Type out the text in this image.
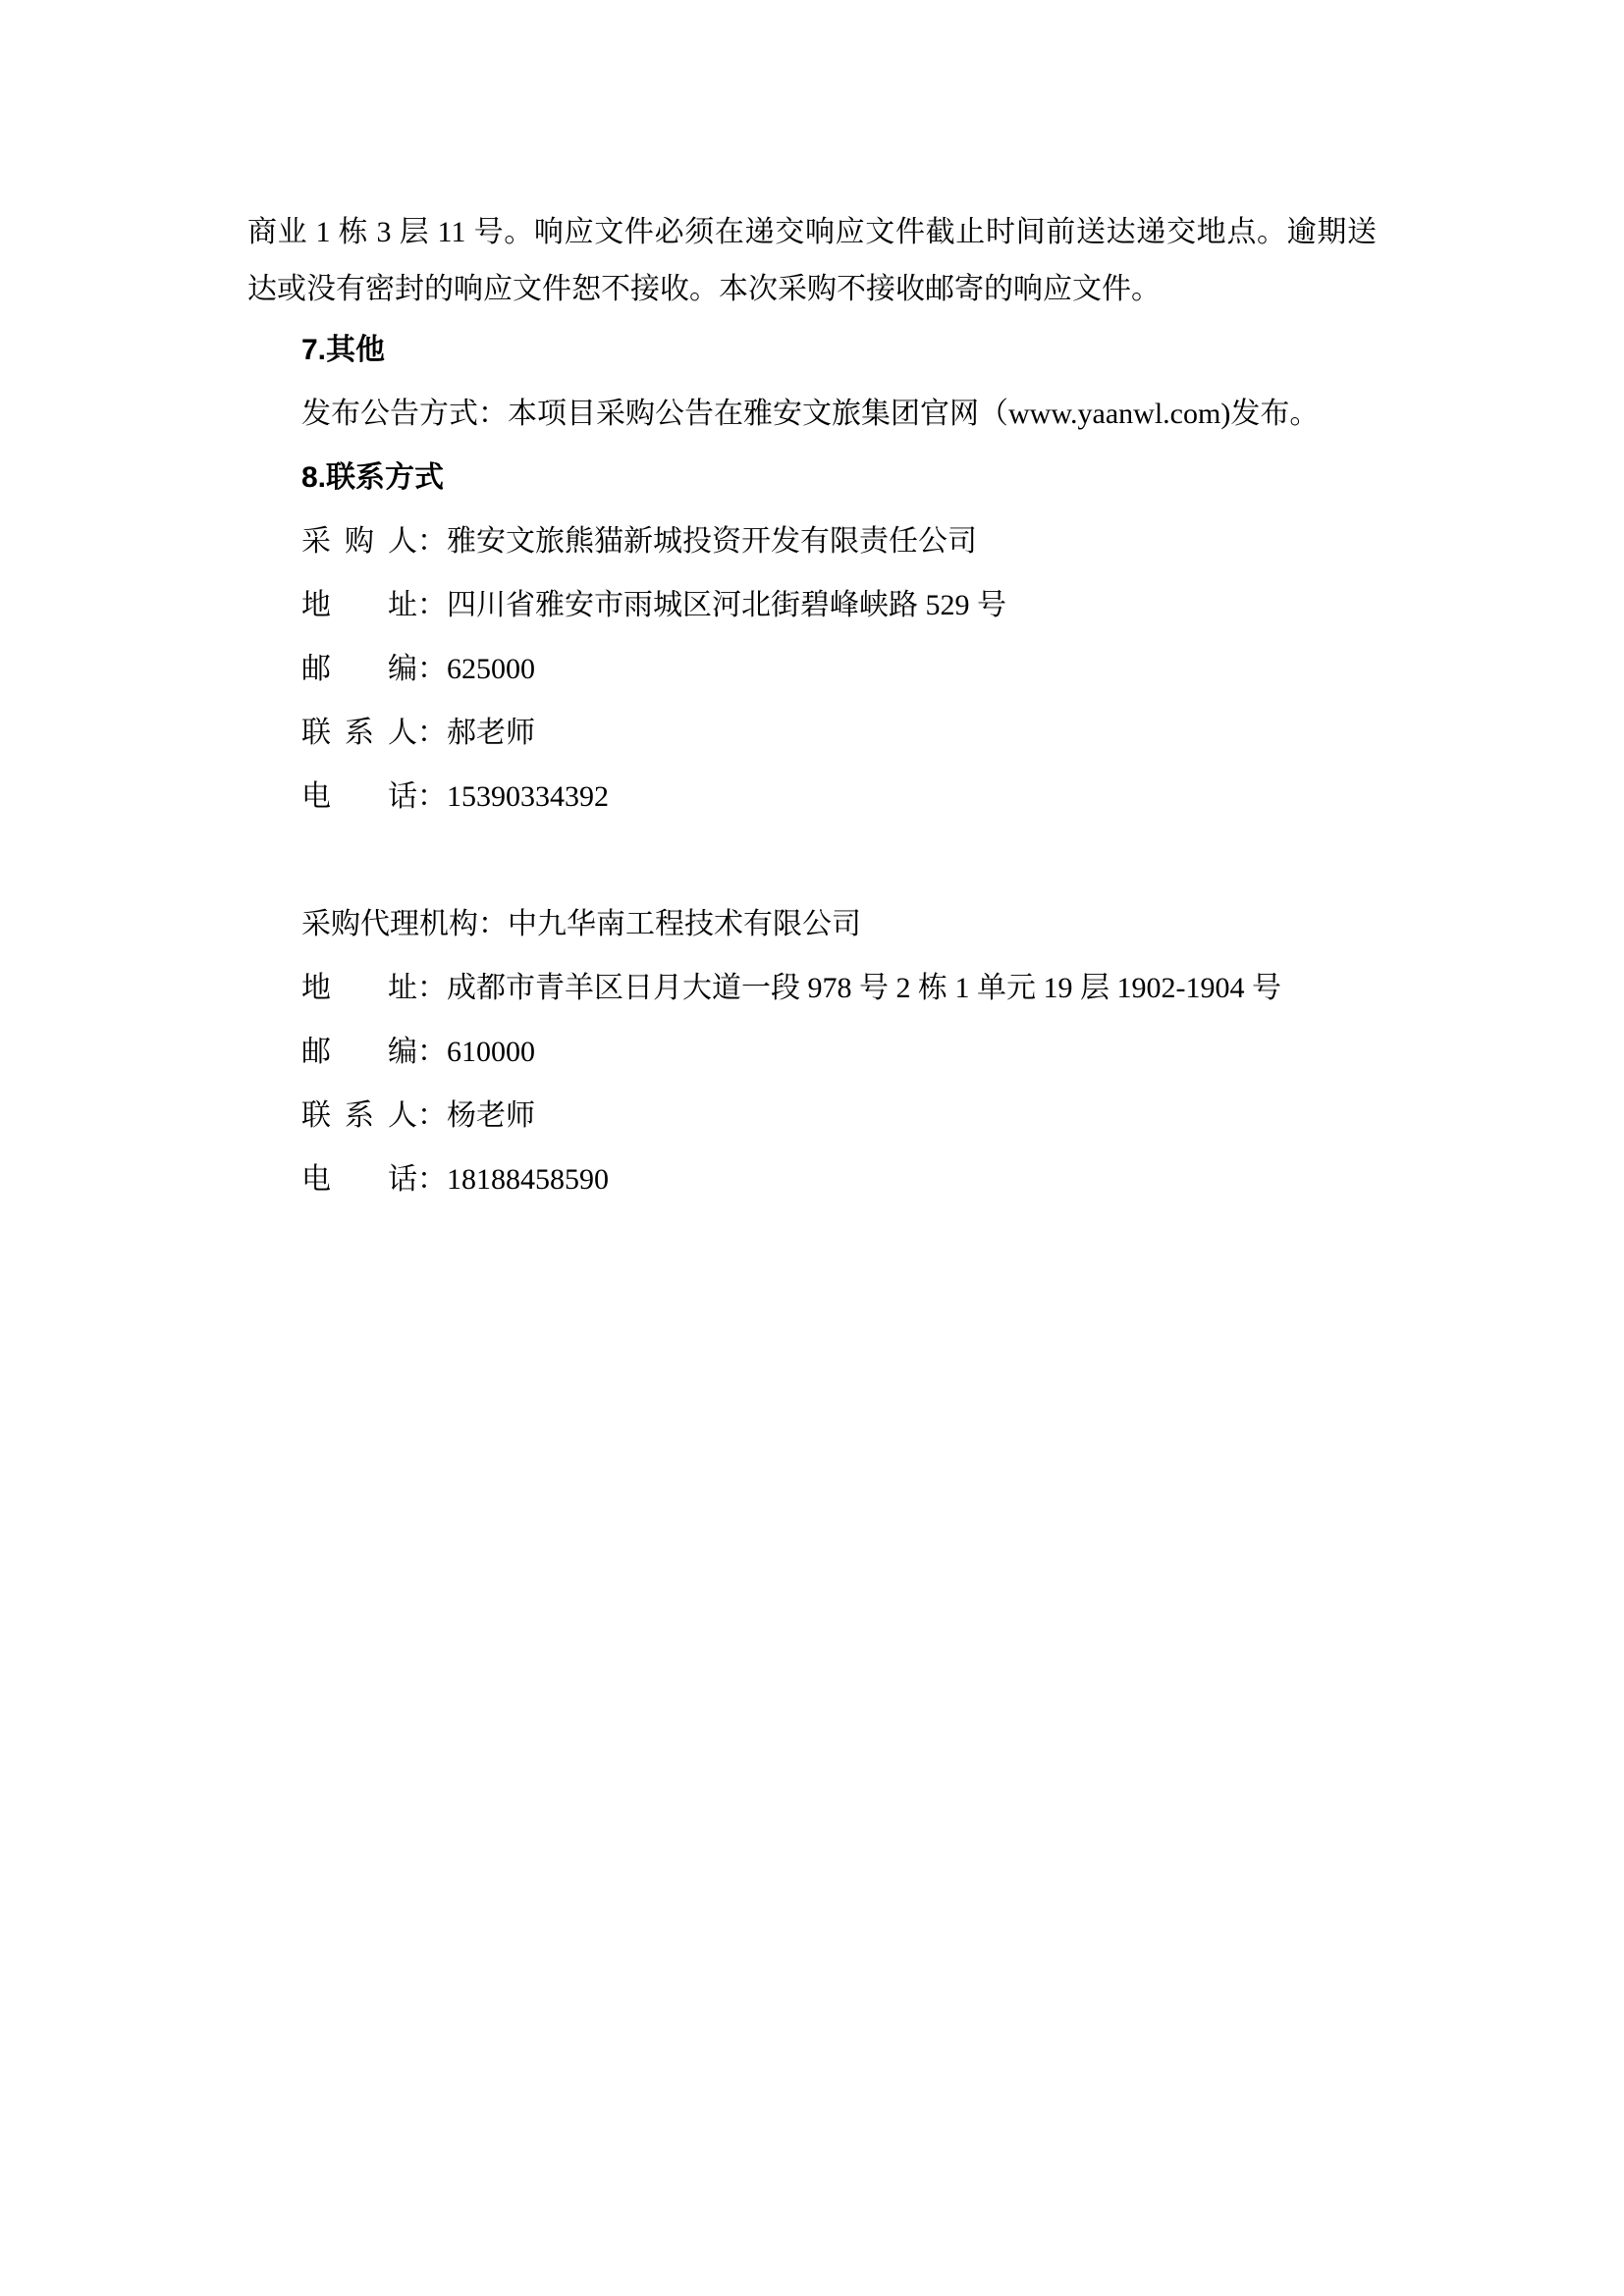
商业 1 栋 3 层 11 号。响应文件必须在递交响应文件截止时间前送达递交地点。逾期送达或没有密封的响应文件恕不接收。本次采购不接收邮寄的响应文件。
7.其他
发布公告方式：本项目采购公告在雅安文旅集团官网（www.yaanwl.com)发布。
8.联系方式
采购人：雅安文旅熊猫新城投资开发有限责任公司
地址：四川省雅安市雨城区河北街碧峰峡路 529 号
邮编：625000
联系人：郝老师
电话：15390334392
采购代理机构：中九华南工程技术有限公司
地址：成都市青羊区日月大道一段 978 号 2 栋 1 单元 19 层 1902-1904 号
邮编：610000
联系人：杨老师
电话：18188458590
